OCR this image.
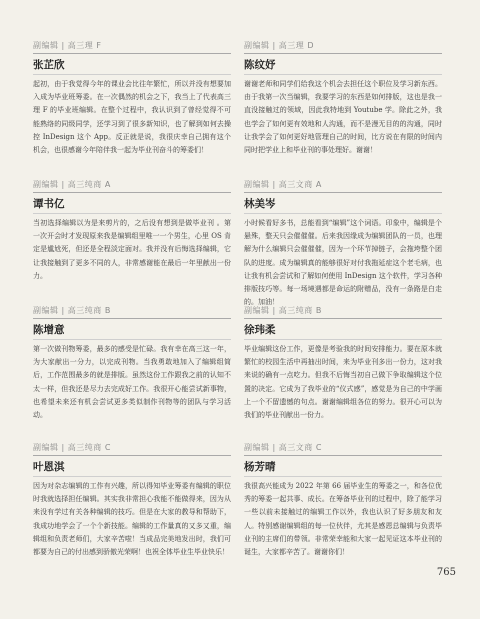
副编辑 | 高三理 F
张芷欣
起初，由于我觉得今年的课业会比往年繁忙，所以并没有想要加入成为毕业班筹委。在一次偶然的机会之下，我当上了代表高三理 F 的毕业班编辑。在整个过程中，我认识到了曾经觉得不可能熟络的同级同学，还学习到了很多新知识，也了解到如何去操控 InDesign 这个 App。反正就是说，我很庆幸自己拥有这个机会，也很感谢今年陪伴我一起为毕业刊奋斗的筹委们！
副编辑 | 高三纯商 A
谭书亿
当初选择编辑以为是来剪片的，之后没有想到是做毕业刊 。第一次开会时才发现原来我是编辑组里唯一一个男生，心里 OS 肯定是尴尬死，但还是全程淡定面对。我并没有后悔选择编辑，它让我接触到了更多不同的人，非常感谢能在最后一年里献出一份力。
副编辑 | 高三纯商 B
陈增意
第一次做刊物筹委，最多的感受是忙碌。我有幸在高三这一年，为大家献出一分力，以完成刊物。当我勇敢地加入了编辑组简后，工作范围最多的就是排版。虽然这份工作跟我之前的认知不太一样，但我还是尽力去完成好工作。我很开心能尝试新事物，也希望未来还有机会尝试更多类似制作刊物等的团队与学习活动。
副编辑 | 高三纯商 C
叶恩淇
因为对杂志编辑的工作有兴趣，所以得知毕业筹委有编辑的职位时我就选择担任编辑。其实我非常担心我能不能做得来，因为从来没有学过有关各种编辑的技巧。但是在大家的教导和帮助下，我成功地学会了一个个新技能。编辑的工作量真的又多又重，编辑组和负责老师们，大家辛苦啦！当成品完美地发出时，我们可都要为自己的付出感到骄傲光荣啊！也祝全体毕业生毕业快乐！
副编辑 | 高三理 D
陈纹妤
谢谢老师和同学们给我这个机会去担任这个职位及学习新东西。由于我第一次当编辑，我要学习的东西是如何排版，这也是我一直没接触过的领域，因此我特地到 Youtube 学。除此之外，我也学会了如何更有效地和人沟通，而不是漫无目的的沟通，同时让我学会了如何更好地管理自己的时间，比方说在有限的时间内同时把学业上和毕业刊的事处理好。谢谢！
副编辑 | 高三文商 A
林美岑
小时候看好多书，总能看到“编辑”这个词语。印象中，编辑是个悬殊，整天只会催催催。后来我因缘成为编辑团队的一员，也理解为什么编辑只会催催催，因为一个环节掉链子，会拖垮整个团队的进度。成为编辑真的能够很好对付我拖延症这个老毛病，也让我有机会尝试和了解如何使用 InDesign 这个软件，学习各种排版技巧等。每一场境遇都是命运的附赠品，没有一条路是白走的。加油！
副编辑 | 高三纯商 B
徐玮柔
毕业编辑这份工作，更像是考验我的时间安排能力。要在原本就繁忙的校园生活中再抽出时间，来为毕业刊多出一份力，这对我来说的确有一点吃力。但我不后悔当初自己做下争取编辑这个位置的决定。它成为了我毕业的“仪式感”，感觉是为自己的中学画上一个不留遗憾的句点。谢谢编辑组各位的努力。很开心可以为我们的毕业刊献出一份力。
副编辑 | 高三文商 C
杨芳晴
我很高兴能成为 2022 年第 66 届毕业生的筹委之一，和各位优秀的筹委一起共事、成长。在筹备毕业刊的过程中，除了能学习一些以前未接触过的编辑工作以外，我也认识了好多朋友和友人。特别感谢编辑组的每一位伙伴，尤其是感恩总编辑与负责毕业刊的主席们的带领。非常荣幸能和大家一起见证这本毕业刊的诞生，大家都辛苦了。谢谢你们！
765
